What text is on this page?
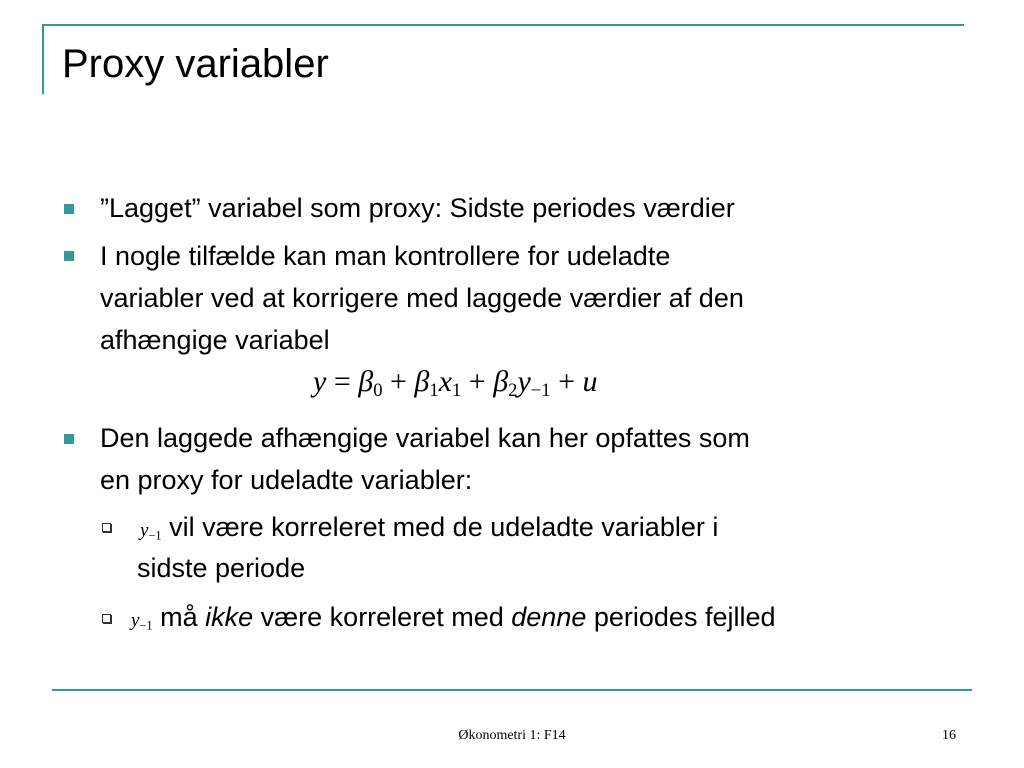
Proxy variabler
”Lagget” variabel som proxy: Sidste periodes værdier
I nogle tilfælde kan man kontrollere for udeladte
variabler ved at korrigere med laggede værdier af den
afhængige variabel
$y = \beta_0 + \beta_1x_1 + \beta_2y_{-1} + u$
Den laggede afhængige variabel kan her opfattes som
en proxy for udeladte variabler:
$y_{-1}$ vil være korreleret med de udeladte variabler i
sidste periode
$y_{-1}$ må ikke være korreleret med denne periodes fejlled
Økonometri 1: F14	16
